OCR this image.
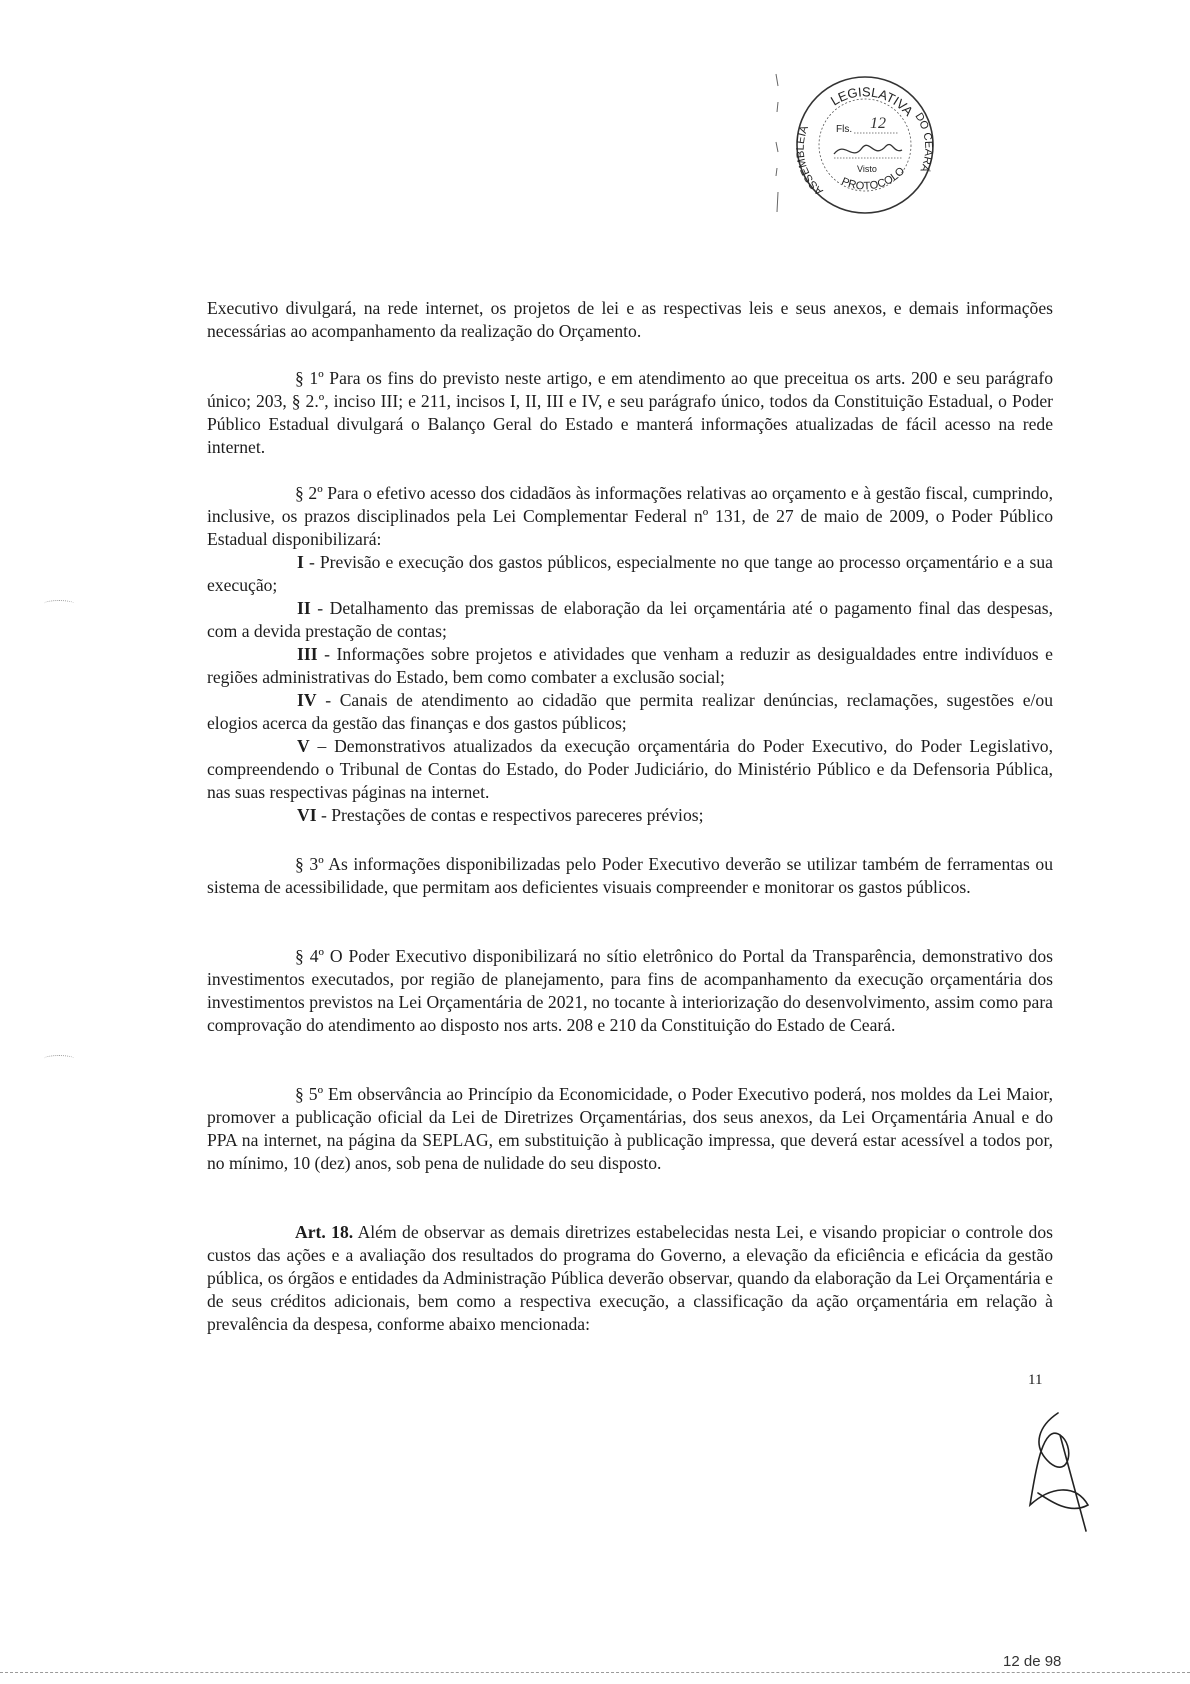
LEGISLATIVA
PROTOCOLO
ASSEMBLEIA
DO CEARÁ
Fls. 12
Visto

Executivo divulgará, na rede internet, os projetos de lei e as respectivas leis e seus anexos, e demais informações necessárias ao acompanhamento da realização do Orçamento.

§ 1º Para os fins do previsto neste artigo, e em atendimento ao que preceitua os arts. 200 e seu parágrafo único; 203, § 2.º, inciso III; e 211, incisos I, II, III e IV, e seu parágrafo único, todos da Constituição Estadual, o Poder Público Estadual divulgará o Balanço Geral do Estado e manterá informações atualizadas de fácil acesso na rede internet.

§ 2º Para o efetivo acesso dos cidadãos às informações relativas ao orçamento e à gestão fiscal, cumprindo, inclusive, os prazos disciplinados pela Lei Complementar Federal nº 131, de 27 de maio de 2009, o Poder Público Estadual disponibilizará:

I - Previsão e execução dos gastos públicos, especialmente no que tange ao processo orçamentário e a sua execução;

II - Detalhamento das premissas de elaboração da lei orçamentária até o pagamento final das despesas, com a devida prestação de contas;

III - Informações sobre projetos e atividades que venham a reduzir as desigualdades entre indivíduos e regiões administrativas do Estado, bem como combater a exclusão social;

IV - Canais de atendimento ao cidadão que permita realizar denúncias, reclamações, sugestões e/ou elogios acerca da gestão das finanças e dos gastos públicos;

V – Demonstrativos atualizados da execução orçamentária do Poder Executivo, do Poder Legislativo, compreendendo o Tribunal de Contas do Estado, do Poder Judiciário, do Ministério Público e da Defensoria Pública, nas suas respectivas páginas na internet.

VI - Prestações de contas e respectivos pareceres prévios;

§ 3º As informações disponibilizadas pelo Poder Executivo deverão se utilizar também de ferramentas ou sistema de acessibilidade, que permitam aos deficientes visuais compreender e monitorar os gastos públicos.

§ 4º O Poder Executivo disponibilizará no sítio eletrônico do Portal da Transparência, demonstrativo dos investimentos executados, por região de planejamento, para fins de acompanhamento da execução orçamentária dos investimentos previstos na Lei Orçamentária de 2021, no tocante à interiorização do desenvolvimento, assim como para comprovação do atendimento ao disposto nos arts. 208 e 210 da Constituição do Estado de Ceará.

§ 5º Em observância ao Princípio da Economicidade, o Poder Executivo poderá, nos moldes da Lei Maior, promover a publicação oficial da Lei de Diretrizes Orçamentárias, dos seus anexos, da Lei Orçamentária Anual e do PPA na internet, na página da SEPLAG, em substituição à publicação impressa, que deverá estar acessível a todos por, no mínimo, 10 (dez) anos, sob pena de nulidade do seu disposto.

Art. 18. Além de observar as demais diretrizes estabelecidas nesta Lei, e visando propiciar o controle dos custos das ações e a avaliação dos resultados do programa do Governo, a elevação da eficiência e eficácia da gestão pública, os órgãos e entidades da Administração Pública deverão observar, quando da elaboração da Lei Orçamentária e de seus créditos adicionais, bem como a respectiva execução, a classificação da ação orçamentária em relação à prevalência da despesa, conforme abaixo mencionada:

11
12 de 98
